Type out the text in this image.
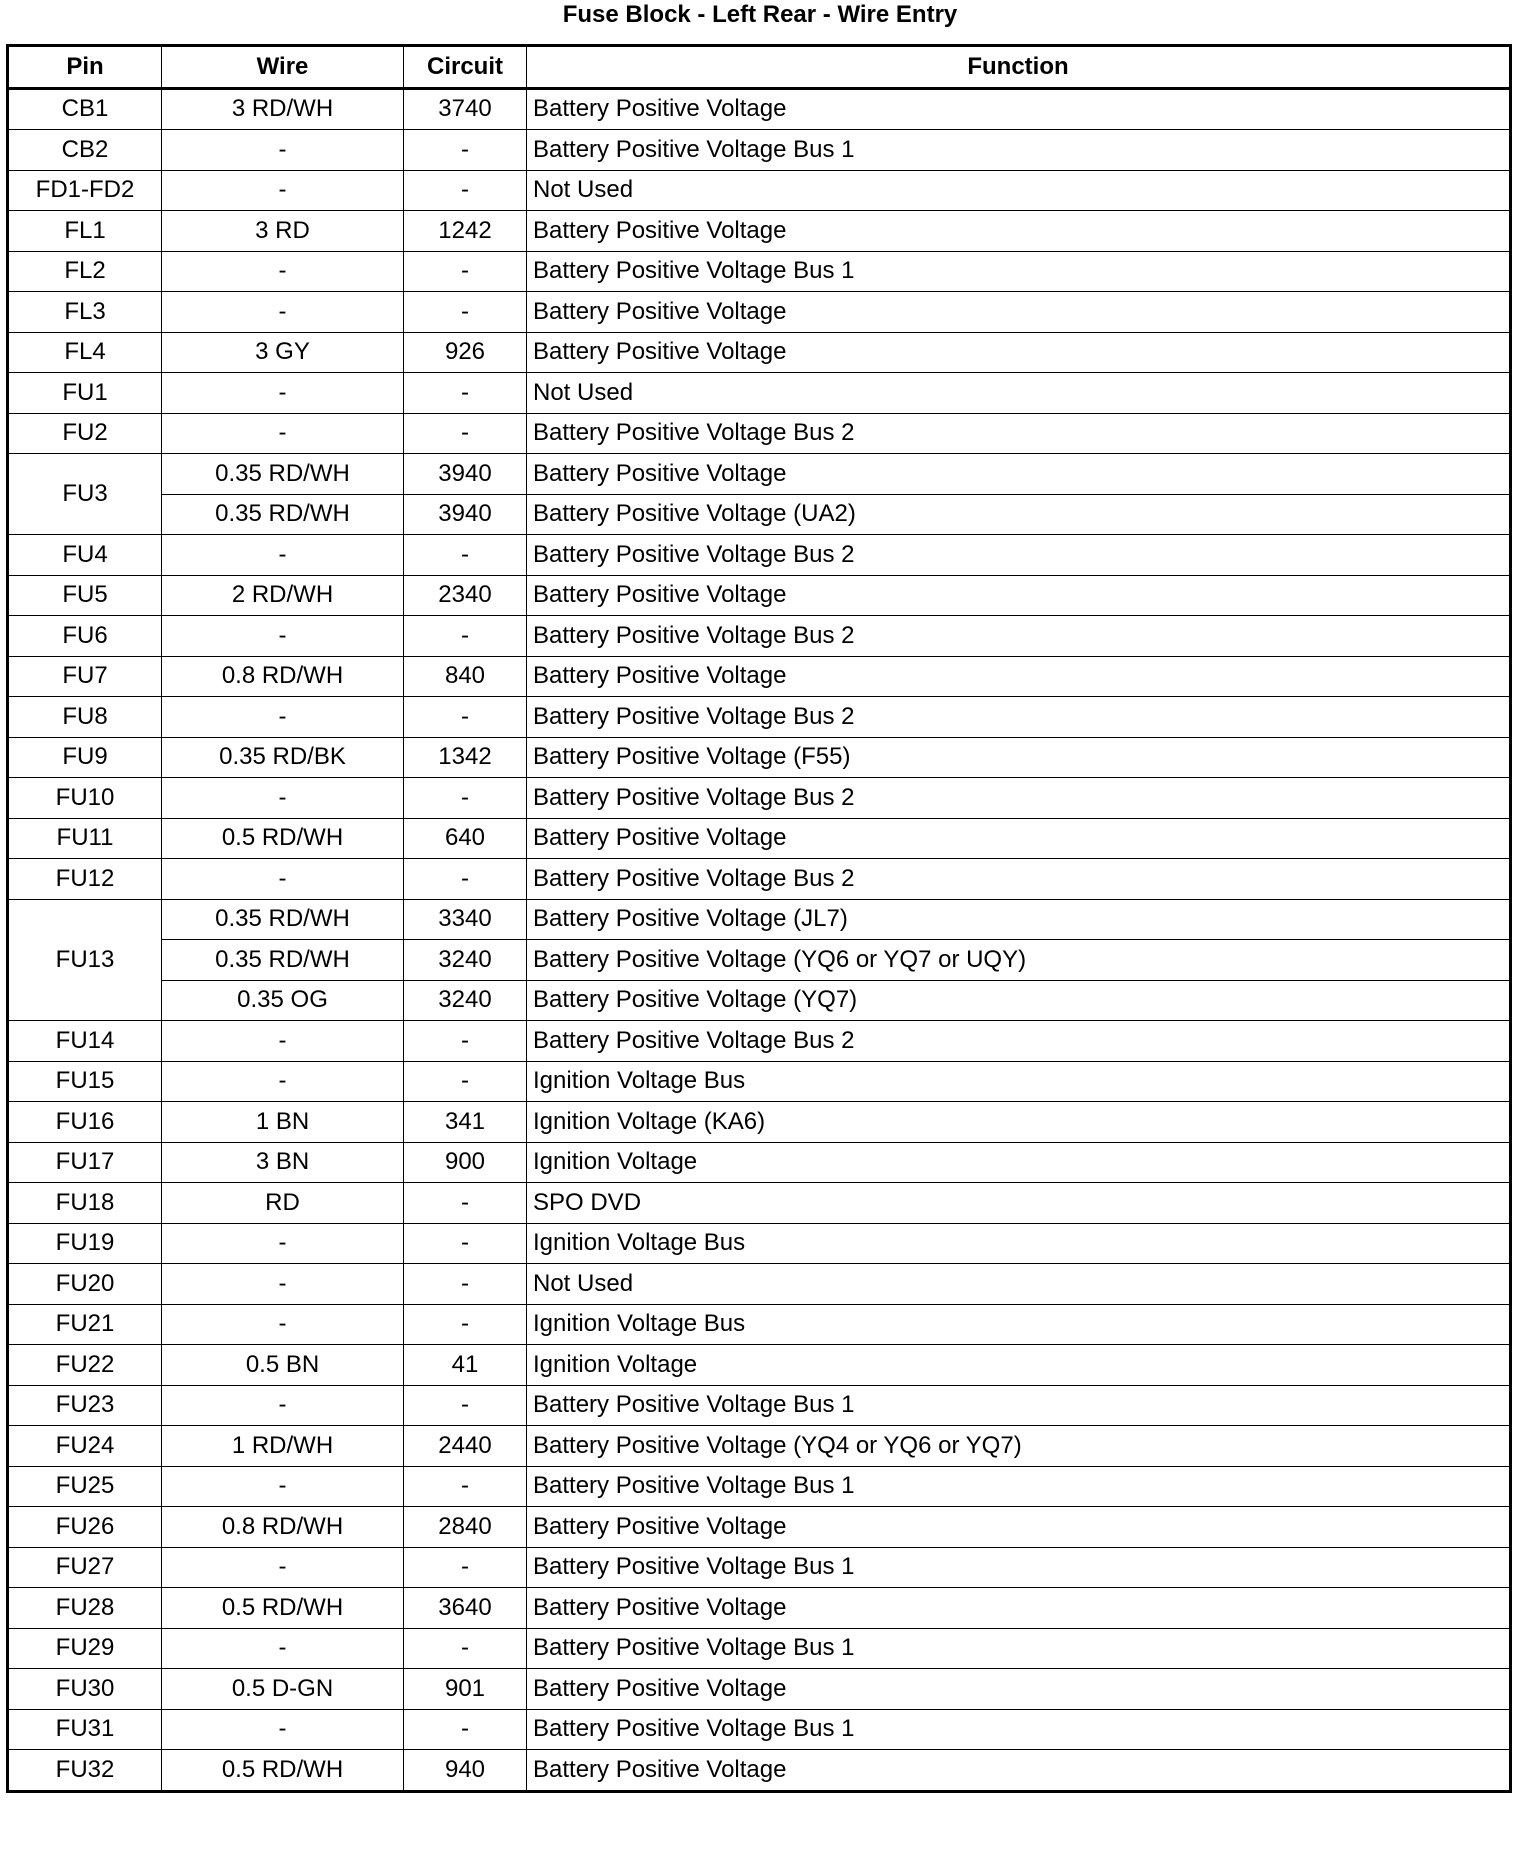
Fuse Block - Left Rear - Wire Entry
Pin	Wire	Circuit	Function
CB1	3 RD/WH	3740	Battery Positive Voltage
CB2	-	-	Battery Positive Voltage Bus 1
FD1-FD2	-	-	Not Used
FL1	3 RD	1242	Battery Positive Voltage
FL2	-	-	Battery Positive Voltage Bus 1
FL3	-	-	Battery Positive Voltage
FL4	3 GY	926	Battery Positive Voltage
FU1	-	-	Not Used
FU2	-	-	Battery Positive Voltage Bus 2
FU3	0.35 RD/WH	3940	Battery Positive Voltage
	0.35 RD/WH	3940	Battery Positive Voltage (UA2)
FU4	-	-	Battery Positive Voltage Bus 2
FU5	2 RD/WH	2340	Battery Positive Voltage
FU6	-	-	Battery Positive Voltage Bus 2
FU7	0.8 RD/WH	840	Battery Positive Voltage
FU8	-	-	Battery Positive Voltage Bus 2
FU9	0.35 RD/BK	1342	Battery Positive Voltage (F55)
FU10	-	-	Battery Positive Voltage Bus 2
FU11	0.5 RD/WH	640	Battery Positive Voltage
FU12	-	-	Battery Positive Voltage Bus 2
FU13	0.35 RD/WH	3340	Battery Positive Voltage (JL7)
	0.35 RD/WH	3240	Battery Positive Voltage (YQ6 or YQ7 or UQY)
	0.35 OG	3240	Battery Positive Voltage (YQ7)
FU14	-	-	Battery Positive Voltage Bus 2
FU15	-	-	Ignition Voltage Bus
FU16	1 BN	341	Ignition Voltage (KA6)
FU17	3 BN	900	Ignition Voltage
FU18	RD	-	SPO DVD
FU19	-	-	Ignition Voltage Bus
FU20	-	-	Not Used
FU21	-	-	Ignition Voltage Bus
FU22	0.5 BN	41	Ignition Voltage
FU23	-	-	Battery Positive Voltage Bus 1
FU24	1 RD/WH	2440	Battery Positive Voltage (YQ4 or YQ6 or YQ7)
FU25	-	-	Battery Positive Voltage Bus 1
FU26	0.8 RD/WH	2840	Battery Positive Voltage
FU27	-	-	Battery Positive Voltage Bus 1
FU28	0.5 RD/WH	3640	Battery Positive Voltage
FU29	-	-	Battery Positive Voltage Bus 1
FU30	0.5 D-GN	901	Battery Positive Voltage
FU31	-	-	Battery Positive Voltage Bus 1
FU32	0.5 RD/WH	940	Battery Positive Voltage
